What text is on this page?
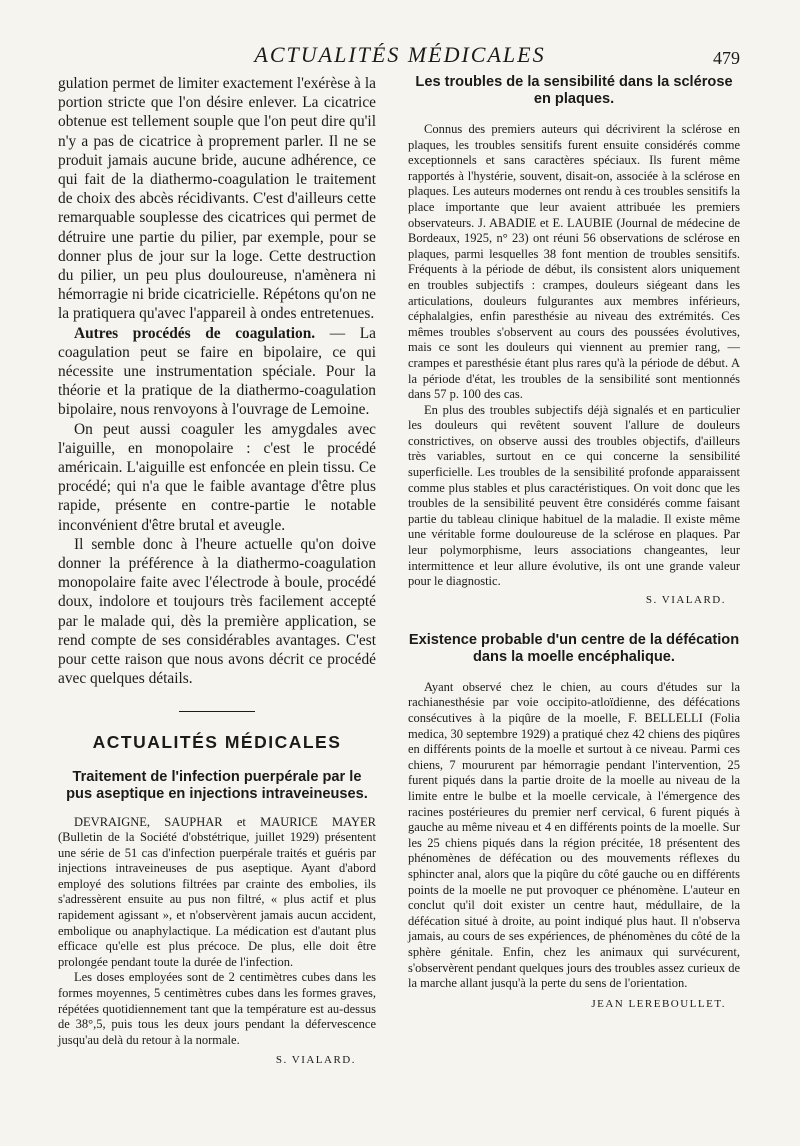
ACTUALITÉS MÉDICALES	479

gulation permet de limiter exactement l'exérèse à la portion stricte que l'on désire enlever. La cicatrice obtenue est tellement souple que l'on peut dire qu'il n'y a pas de cicatrice à proprement parler. Il ne se produit jamais aucune bride, aucune adhérence, ce qui fait de la diathermo-coagulation le traitement de choix des abcès récidivants. C'est d'ailleurs cette remarquable souplesse des cicatrices qui permet de détruire une partie du pilier, par exemple, pour se donner plus de jour sur la loge. Cette destruction du pilier, un peu plus douloureuse, n'amènera ni hémorragie ni bride cicatricielle. Répétons qu'on ne la pratiquera qu'avec l'appareil à ondes entretenues.

Autres procédés de coagulation. — La coagulation peut se faire en bipolaire, ce qui nécessite une instrumentation spéciale. Pour la théorie et la pratique de la diathermo-coagulation bipolaire, nous renvoyons à l'ouvrage de Lemoine.

On peut aussi coaguler les amygdales avec l'aiguille, en monopolaire : c'est le procédé américain. L'aiguille est enfoncée en plein tissu. Ce procédé; qui n'a que le faible avantage d'être plus rapide, présente en contre-partie le notable inconvénient d'être brutal et aveugle.

Il semble donc à l'heure actuelle qu'on doive donner la préférence à la diathermo-coagulation monopolaire faite avec l'électrode à boule, procédé doux, indolore et toujours très facilement accepté par le malade qui, dès la première application, se rend compte de ses considérables avantages. C'est pour cette raison que nous avons décrit ce procédé avec quelques détails.

ACTUALITÉS MÉDICALES
Traitement de l'infection puerpérale par le pus aseptique en injections intraveineuses.

DEVRAIGNE, SAUPHAR et MAURICE MAYER (Bulletin de la Société d'obstétrique, juillet 1929) présentent une série de 51 cas d'infection puerpérale traités et guéris par injections intraveineuses de pus aseptique. Ayant d'abord employé des solutions filtrées par crainte des embolies, ils s'adressèrent ensuite au pus non filtré, « plus actif et plus rapidement agissant », et n'observèrent jamais aucun accident, embolique ou anaphylactique. La médication est d'autant plus efficace qu'elle est plus précoce. De plus, elle doit être prolongée pendant toute la durée de l'infection.

Les doses employées sont de 2 centimètres cubes dans les formes moyennes, 5 centimètres cubes dans les formes graves, répétées quotidiennement tant que la température est au-dessus de 38°,5, puis tous les deux jours pendant la défervescence jusqu'au delà du retour à la normale.

S. VIALARD.
Les troubles de la sensibilité dans la sclérose en plaques.

Connus des premiers auteurs qui décrivirent la sclérose en plaques, les troubles sensitifs furent ensuite considérés comme exceptionnels et sans caractères spéciaux. Ils furent même rapportés à l'hystérie, souvent, disait-on, associée à la sclérose en plaques. Les auteurs modernes ont rendu à ces troubles sensitifs la place importante que leur avaient attribuée les premiers observateurs. J. ABADIE et E. LAUBIE (Journal de médecine de Bordeaux, 1925, n° 23) ont réuni 56 observations de sclérose en plaques, parmi lesquelles 38 font mention de troubles sensitifs. Fréquents à la période de début, ils consistent alors uniquement en troubles subjectifs : crampes, douleurs siégeant dans les articulations, douleurs fulgurantes aux membres inférieurs, céphalalgies, enfin paresthésie au niveau des extrémités. Ces mêmes troubles s'observent au cours des poussées évolutives, mais ce sont les douleurs qui viennent au premier rang, — crampes et paresthésie étant plus rares qu'à la période de début. A la période d'état, les troubles de la sensibilité sont mentionnés dans 57 p. 100 des cas.

En plus des troubles subjectifs déjà signalés et en particulier les douleurs qui revêtent souvent l'allure de douleurs constrictives, on observe aussi des troubles objectifs, d'ailleurs très variables, surtout en ce qui concerne la sensibilité superficielle. Les troubles de la sensibilité profonde apparaissent comme plus stables et plus caractéristiques. On voit donc que les troubles de la sensibilité peuvent être considérés comme faisant partie du tableau clinique habituel de la maladie. Il existe même une véritable forme douloureuse de la sclérose en plaques. Par leur polymorphisme, leurs associations changeantes, leur intermittence et leur allure évolutive, ils ont une grande valeur pour le diagnostic.

S. VIALARD.
Existence probable d'un centre de la défécation dans la moelle encéphalique.

Ayant observé chez le chien, au cours d'études sur la rachianesthésie par voie occipito-atloïdienne, des défécations consécutives à la piqûre de la moelle, F. BELLELLI (Folia medica, 30 septembre 1929) a pratiqué chez 42 chiens des piqûres en différents points de la moelle et surtout à ce niveau. Parmi ces chiens, 7 moururent par hémorragie pendant l'intervention, 25 furent piqués dans la partie droite de la moelle au niveau de la limite entre le bulbe et la moelle cervicale, à l'émergence des racines postérieures du premier nerf cervical, 6 furent piqués à gauche au même niveau et 4 en différents points de la moelle. Sur les 25 chiens piqués dans la région précitée, 18 présentent des phénomènes de défécation ou des mouvements réflexes du sphincter anal, alors que la piqûre du côté gauche ou en différents points de la moelle ne put provoquer ce phénomène. L'auteur en conclut qu'il doit exister un centre haut, médullaire, de la défécation situé à droite, au point indiqué plus haut. Il n'observa jamais, au cours de ses expériences, de phénomènes du côté de la sphère génitale. Enfin, chez les animaux qui survécurent, s'observèrent pendant quelques jours des troubles assez curieux de la marche allant jusqu'à la perte du sens de l'orientation.

JEAN LEREBOULLET.
